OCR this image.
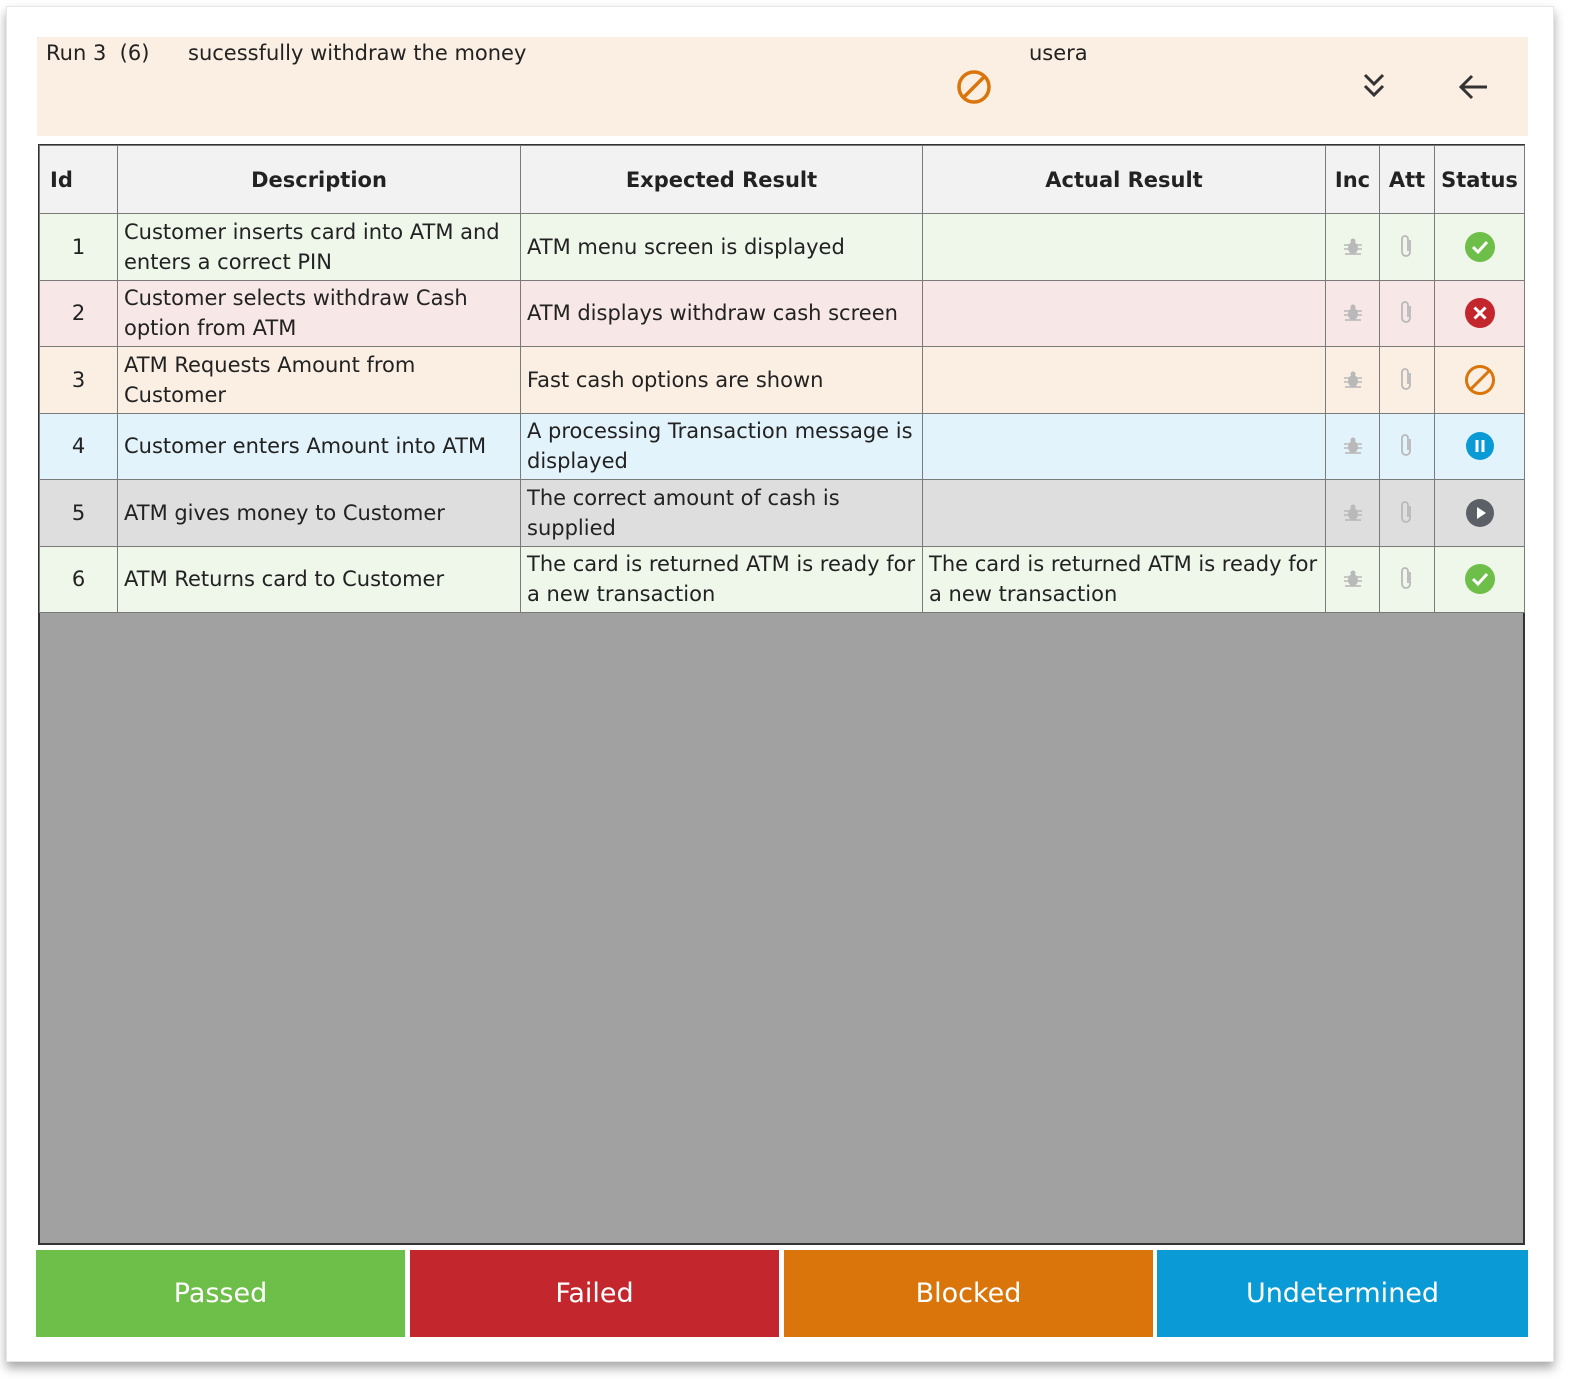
Run 3 (6) sucessfully withdraw the money	usera
Id	Description	Expected Result	Actual Result	Inc	Att	Status
1	Customer inserts card into ATM and enters a correct PIN	ATM menu screen is displayed		

2	Customer selects withdraw Cash option from ATM	ATM displays withdraw cash screen		

3	ATM Requests Amount from Customer	Fast cash options are shown		

4	Customer enters Amount into ATM	A processing Transaction message is displayed		

5	ATM gives money to Customer	The correct amount of cash is supplied		

6	ATM Returns card to Customer	The card is returned ATM is ready for a new transaction	The card is returned ATM is ready for a new transaction	

Passed	Failed	Blocked	Undetermined
